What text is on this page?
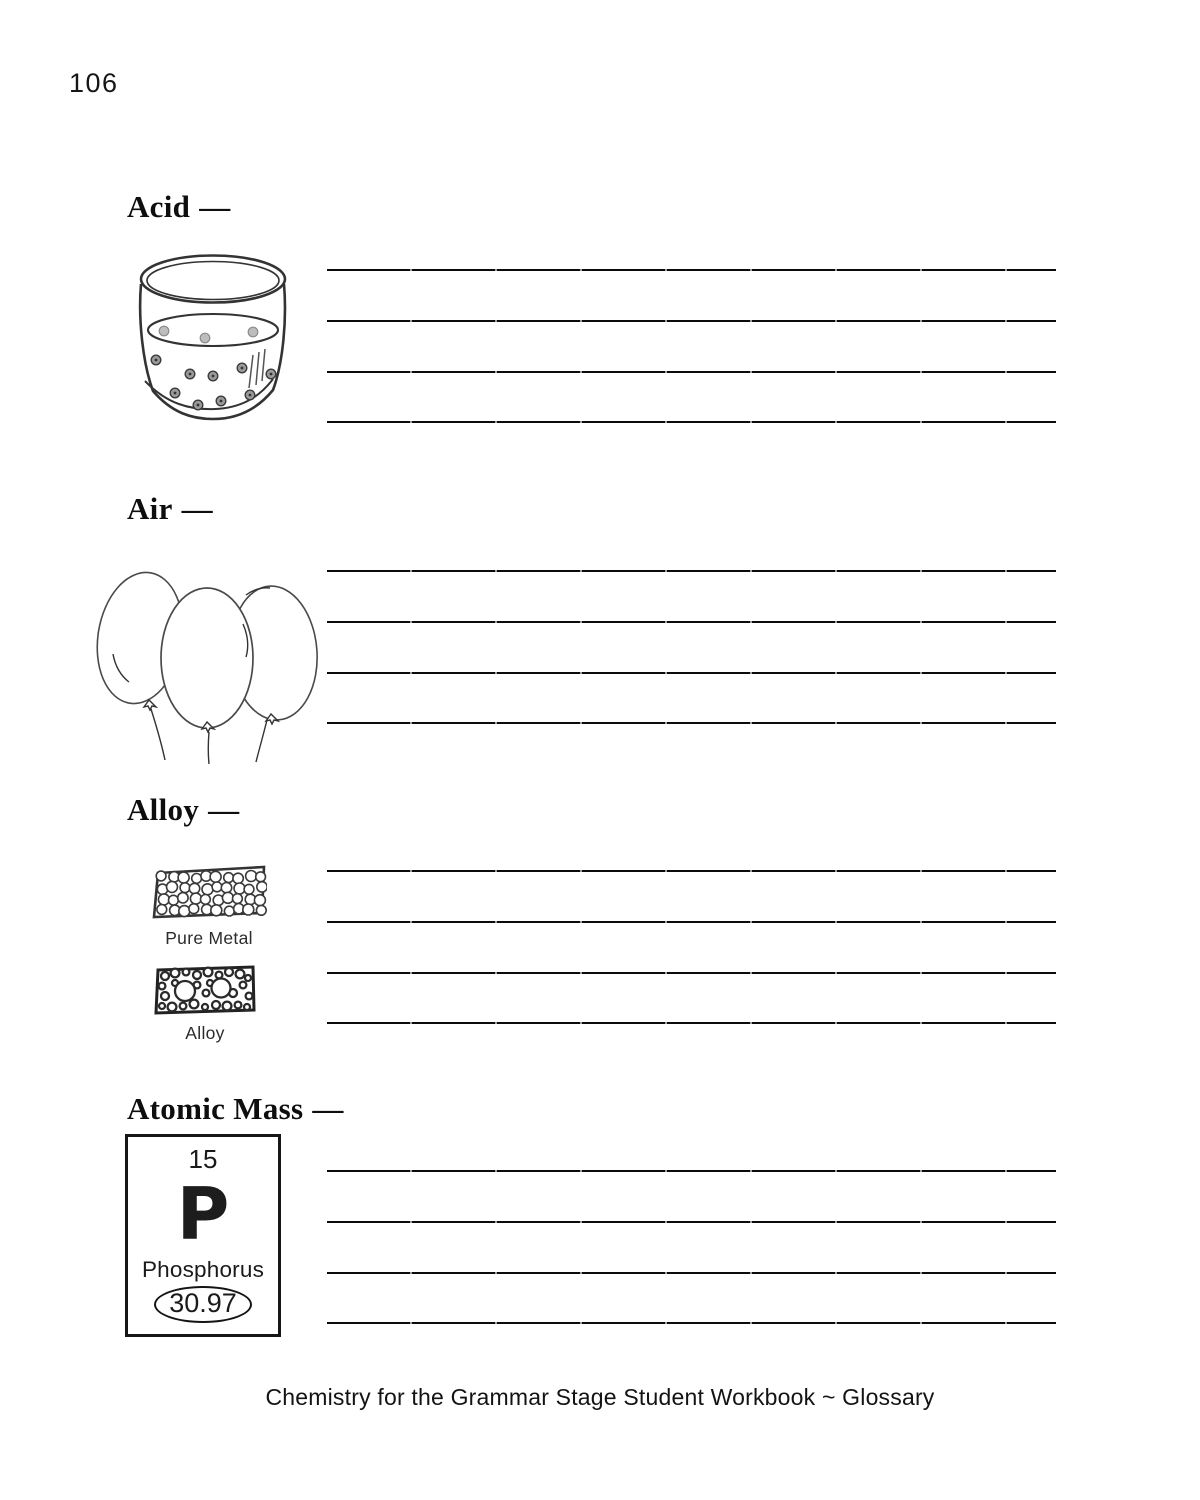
106
Acid —
Air —
Alloy —
Pure Metal
Alloy
Atomic Mass —
15
P
Phosphorus
30.97
Chemistry for the Grammar Stage Student Workbook ~ Glossary
